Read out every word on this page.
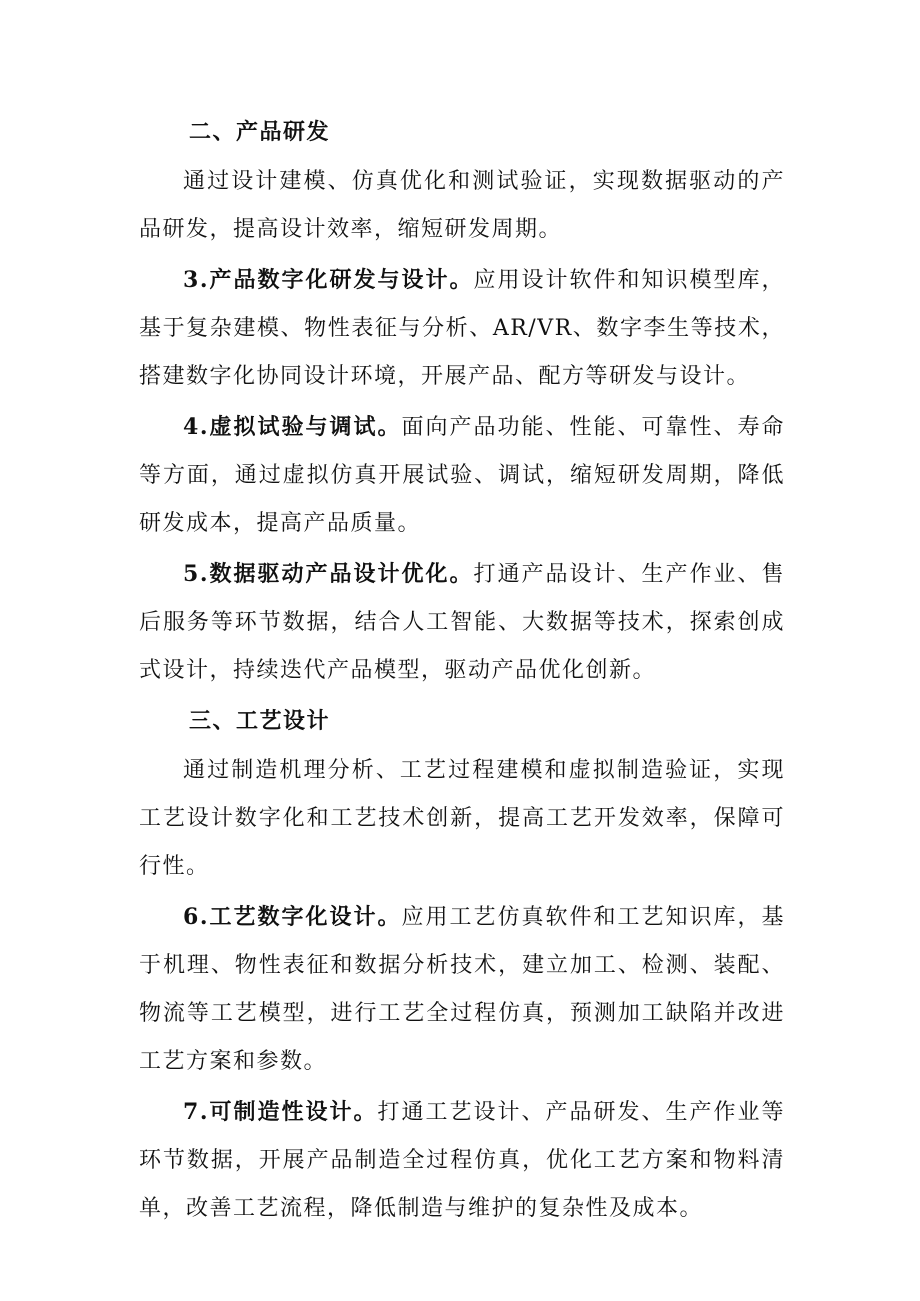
二、产品研发

通过设计建模、仿真优化和测试验证，实现数据驱动的产品研发，提高设计效率，缩短研发周期。

3.产品数字化研发与设计。应用设计软件和知识模型库，基于复杂建模、物性表征与分析、AR/VR、数字李生等技术，搭建数字化协同设计环境，开展产品、配方等研发与设计。

4.虚拟试验与调试。面向产品功能、性能、可靠性、寿命等方面，通过虚拟仿真开展试验、调试，缩短研发周期，降低研发成本，提高产品质量。

5.数据驱动产品设计优化。打通产品设计、生产作业、售后服务等环节数据，结合人工智能、大数据等技术，探索创成式设计，持续迭代产品模型，驱动产品优化创新。

三、工艺设计

通过制造机理分析、工艺过程建模和虚拟制造验证，实现工艺设计数字化和工艺技术创新，提高工艺开发效率，保障可行性。

6.工艺数字化设计。应用工艺仿真软件和工艺知识库，基于机理、物性表征和数据分析技术，建立加工、检测、装配、物流等工艺模型，进行工艺全过程仿真，预测加工缺陷并改进工艺方案和参数。

7.可制造性设计。打通工艺设计、产品研发、生产作业等环节数据，开展产品制造全过程仿真，优化工艺方案和物料清单，改善工艺流程，降低制造与维护的复杂性及成本。
